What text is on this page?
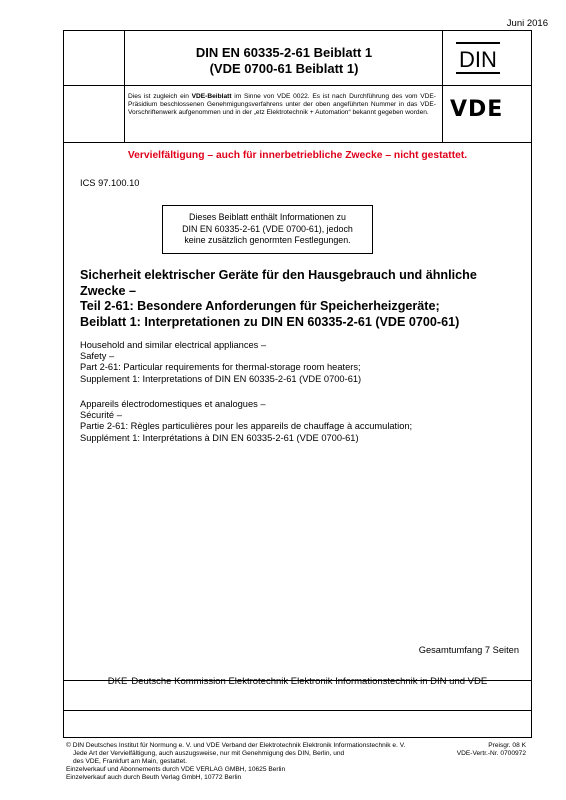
Juni 2016
DIN EN 60335-2-61 Beiblatt 1
(VDE 0700-61 Beiblatt 1)	DIN
VDE
Dies ist zugleich ein VDE-Beiblatt im Sinne von VDE 0022. Es ist nach Durchführung des vom VDE-Präsidium beschlossenen Genehmigungsverfahrens unter der oben angeführten Nummer in das VDE-Vorschriftenwerk aufgenommen und in der „etz Elektrotechnik + Automation“ bekannt gegeben worden.
Vervielfältigung – auch für innerbetriebliche Zwecke – nicht gestattet.
ICS 97.100.10
Dieses Beiblatt enthält Informationen zu
DIN EN 60335-2-61 (VDE 0700-61), jedoch
keine zusätzlich genormten Festlegungen.
Sicherheit elektrischer Geräte für den Hausgebrauch und ähnliche
Zwecke –
Teil 2-61: Besondere Anforderungen für Speicherheizgeräte;
Beiblatt 1: Interpretationen zu DIN EN 60335-2-61 (VDE 0700-61)
Household and similar electrical appliances –
Safety –
Part 2-61: Particular requirements for thermal-storage room heaters;
Supplement 1: Interpretations of DIN EN 60335-2-61 (VDE 0700-61)
Appareils électrodomestiques et analogues –
Sécurité –
Partie 2-61: Règles particulières pour les appareils de chauffage à accumulation;
Supplément 1: Interprétations à DIN EN 60335-2-61 (VDE 0700-61)
Gesamtumfang 7 Seiten
DKE Deutsche Kommission Elektrotechnik Elektronik Informationstechnik in DIN und VDE
© DIN Deutsches Institut für Normung e. V. und VDE Verband der Elektrotechnik Elektronik Informationstechnik e. V.
Jede Art der Vervielfältigung, auch auszugsweise, nur mit Genehmigung des DIN, Berlin, und
des VDE, Frankfurt am Main, gestattet.
Einzelverkauf und Abonnements durch VDE VERLAG GMBH, 10625 Berlin
Einzelverkauf auch durch Beuth Verlag GmbH, 10772 Berlin
Preisgr. 08 K
VDE-Vertr.-Nr. 0700972
